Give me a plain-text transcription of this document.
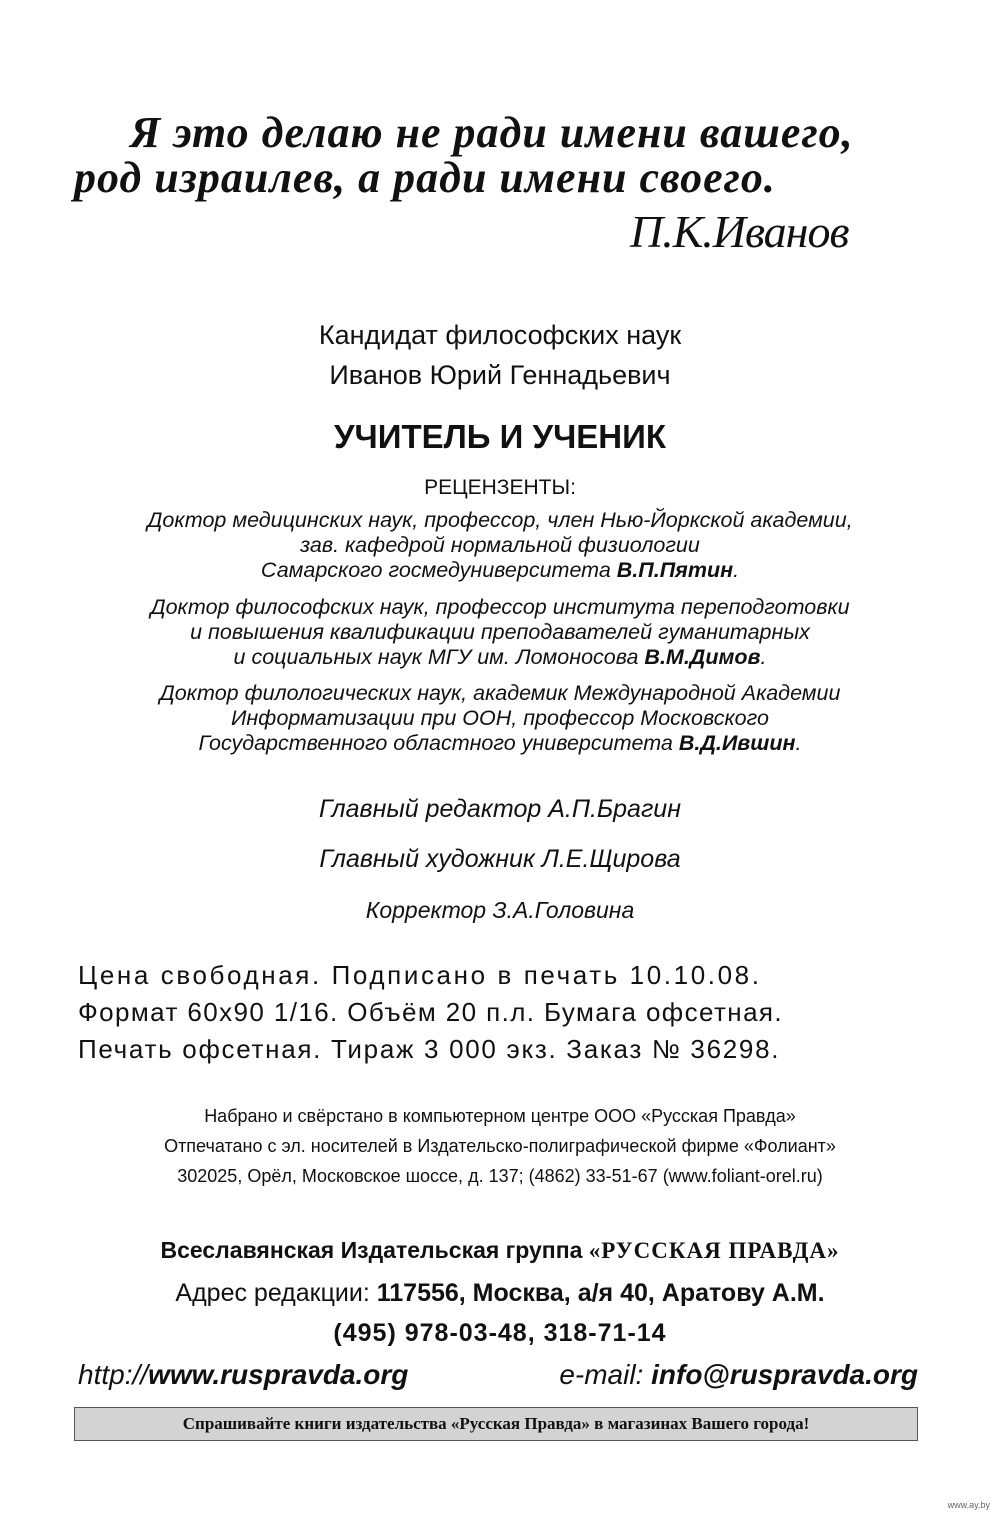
Я это делаю не ради имени вашего,
род израилев, а ради имени своего.
П.К.Иванов
Кандидат философских наук
Иванов Юрий Геннадьевич
УЧИТЕЛЬ И УЧЕНИК
РЕЦЕНЗЕНТЫ:
Доктор медицинских наук, профессор, член Нью-Йоркской академии,
зав. кафедрой нормальной физиологии
Самарского госмедуниверситета В.П.Пятин.
Доктор философских наук, профессор института переподготовки
и повышения квалификации преподавателей гуманитарных
и социальных наук МГУ им. Ломоносова В.М.Димов.
Доктор филологических наук, академик Международной Академии
Информатизации при ООН, профессор Московского
Государственного областного университета В.Д.Ившин.
Главный редактор А.П.Брагин
Главный художник Л.Е.Щирова
Корректор З.А.Головина
Цена свободная. Подписано в печать 10.10.08.
Формат 60x90 1/16. Объём 20 п.л. Бумага офсетная.
Печать офсетная. Тираж 3 000 экз. Заказ № 36298.
Набрано и свёрстано в компьютерном центре ООО «Русская Правда»
Отпечатано с эл. носителей в Издательско-полиграфической фирме «Фолиант»
302025, Орёл, Московское шоссе, д. 137; (4862) 33-51-67 (www.foliant-orel.ru)
Всеславянская Издательская группа «РУССКАЯ ПРАВДА»
Адрес редакции: 117556, Москва, а/я 40, Аратову А.М.
(495) 978-03-48, 318-71-14
http://www.ruspravda.org	e-mail: info@ruspravda.org
Спрашивайте книги издательства «Русская Правда» в магазинах Вашего города!
www.ay.by
